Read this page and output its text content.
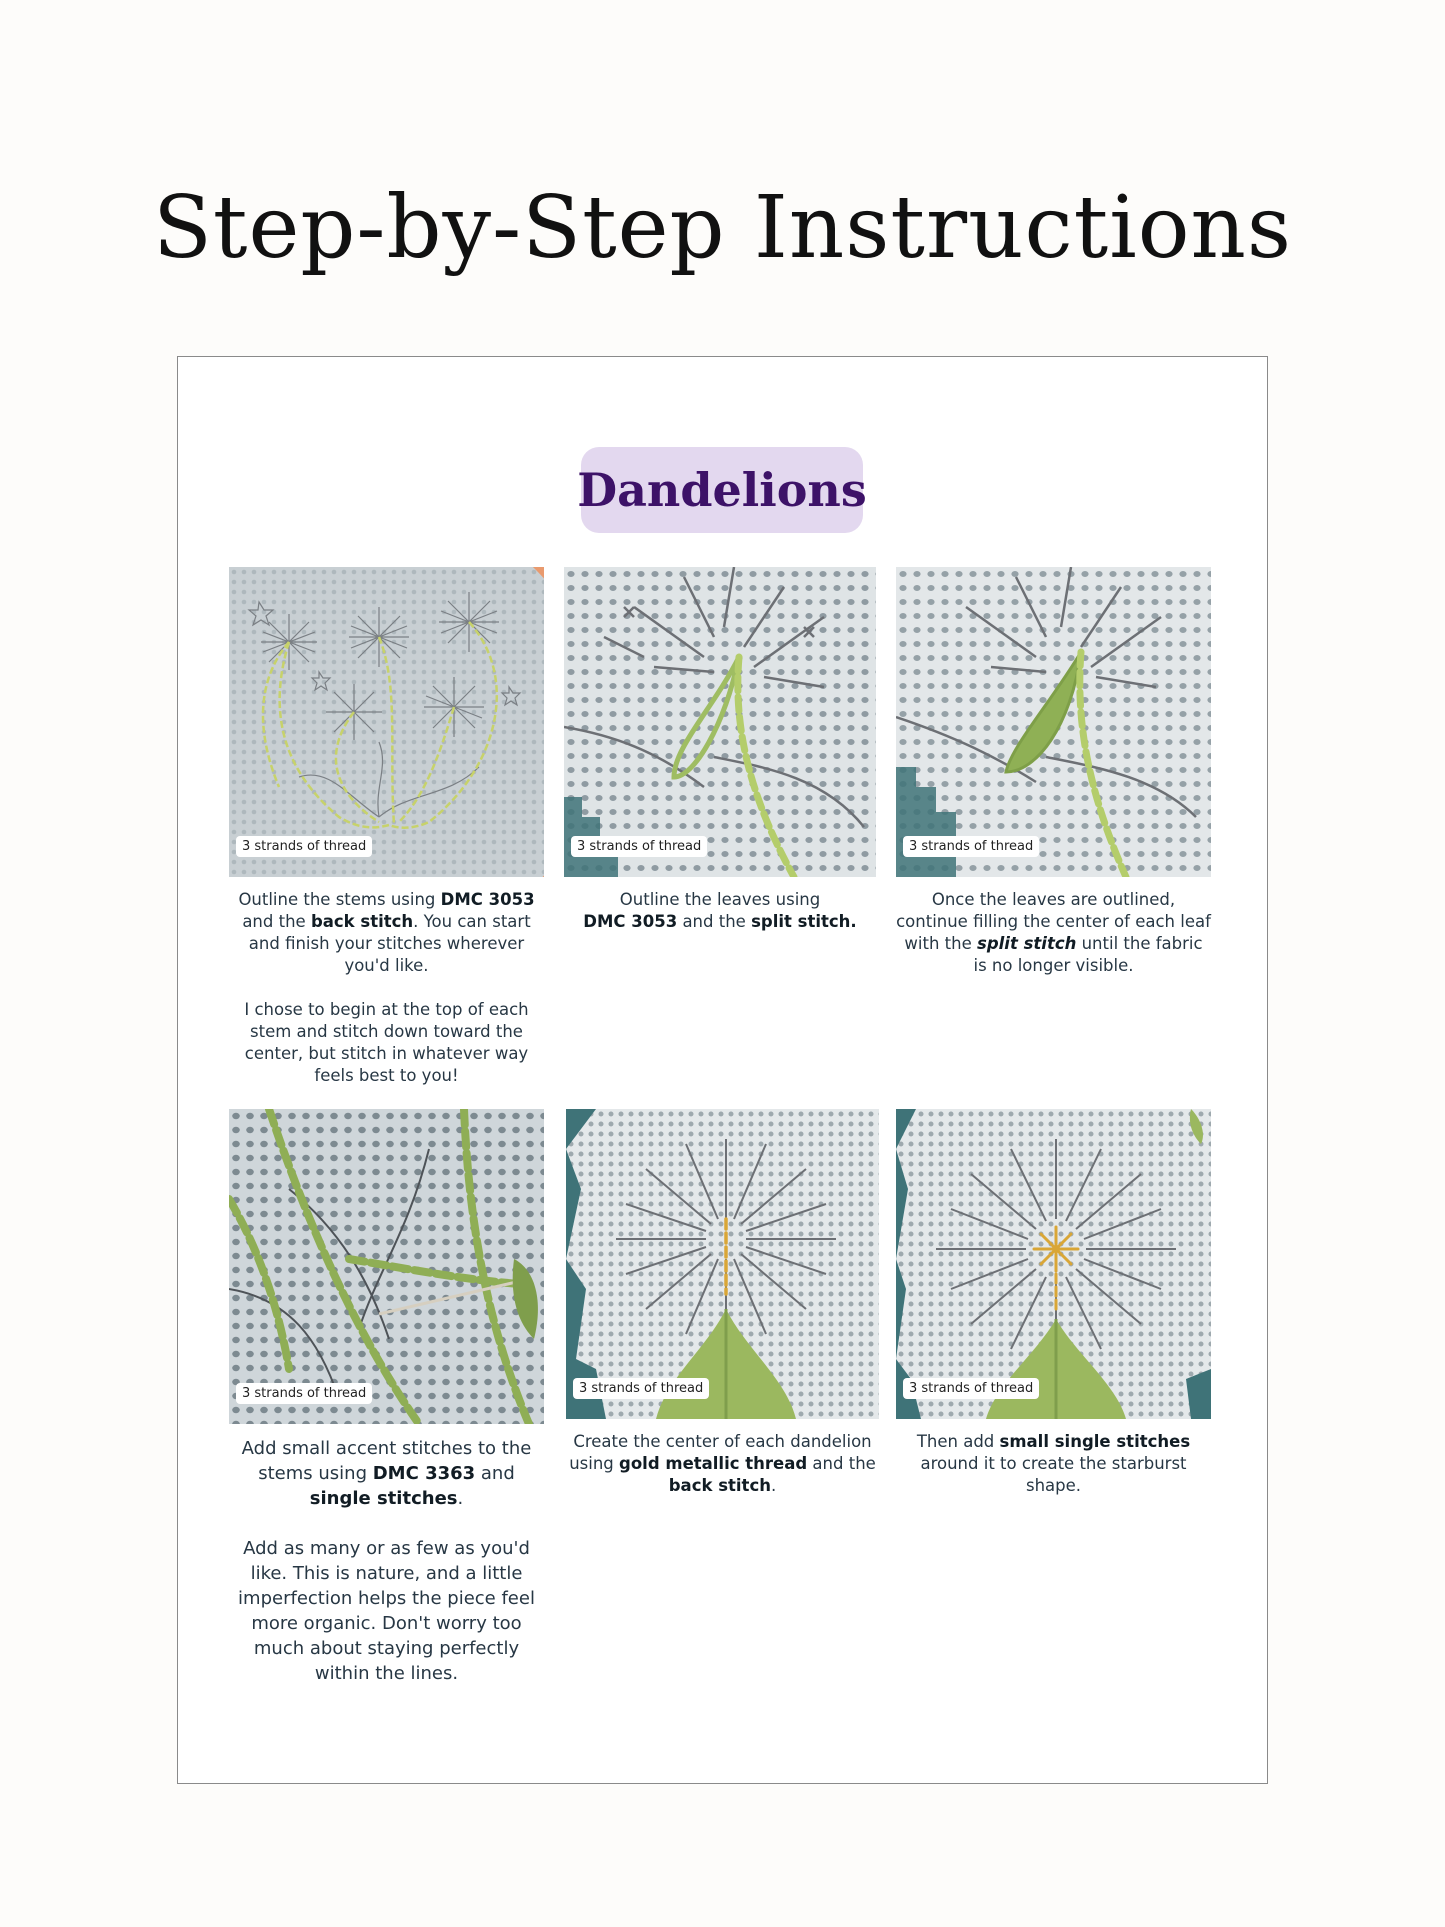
Step-by-Step Instructions
Dandelions
3 strands of thread

Outline the stems using DMC 3053 and the back stitch. You can start and finish your stitches wherever you'd like.

I chose to begin at the top of each stem and stitch down toward the center, but stitch in whatever way feels best to you!

3 strands of thread

Outline the leaves using
DMC 3053 and the split stitch.

3 strands of thread

Once the leaves are outlined, continue filling the center of each leaf with the split stitch until the fabric is no longer visible.

3 strands of thread

Add small accent stitches to the stems using DMC 3363 and single stitches.

Add as many or as few as you'd like. This is nature, and a little imperfection helps the piece feel more organic. Don't worry too much about staying perfectly within the lines.

3 strands of thread

Create the center of each dandelion using gold metallic thread and the
back stitch.

3 strands of thread

Then add small single stitches around it to create the starburst shape.
